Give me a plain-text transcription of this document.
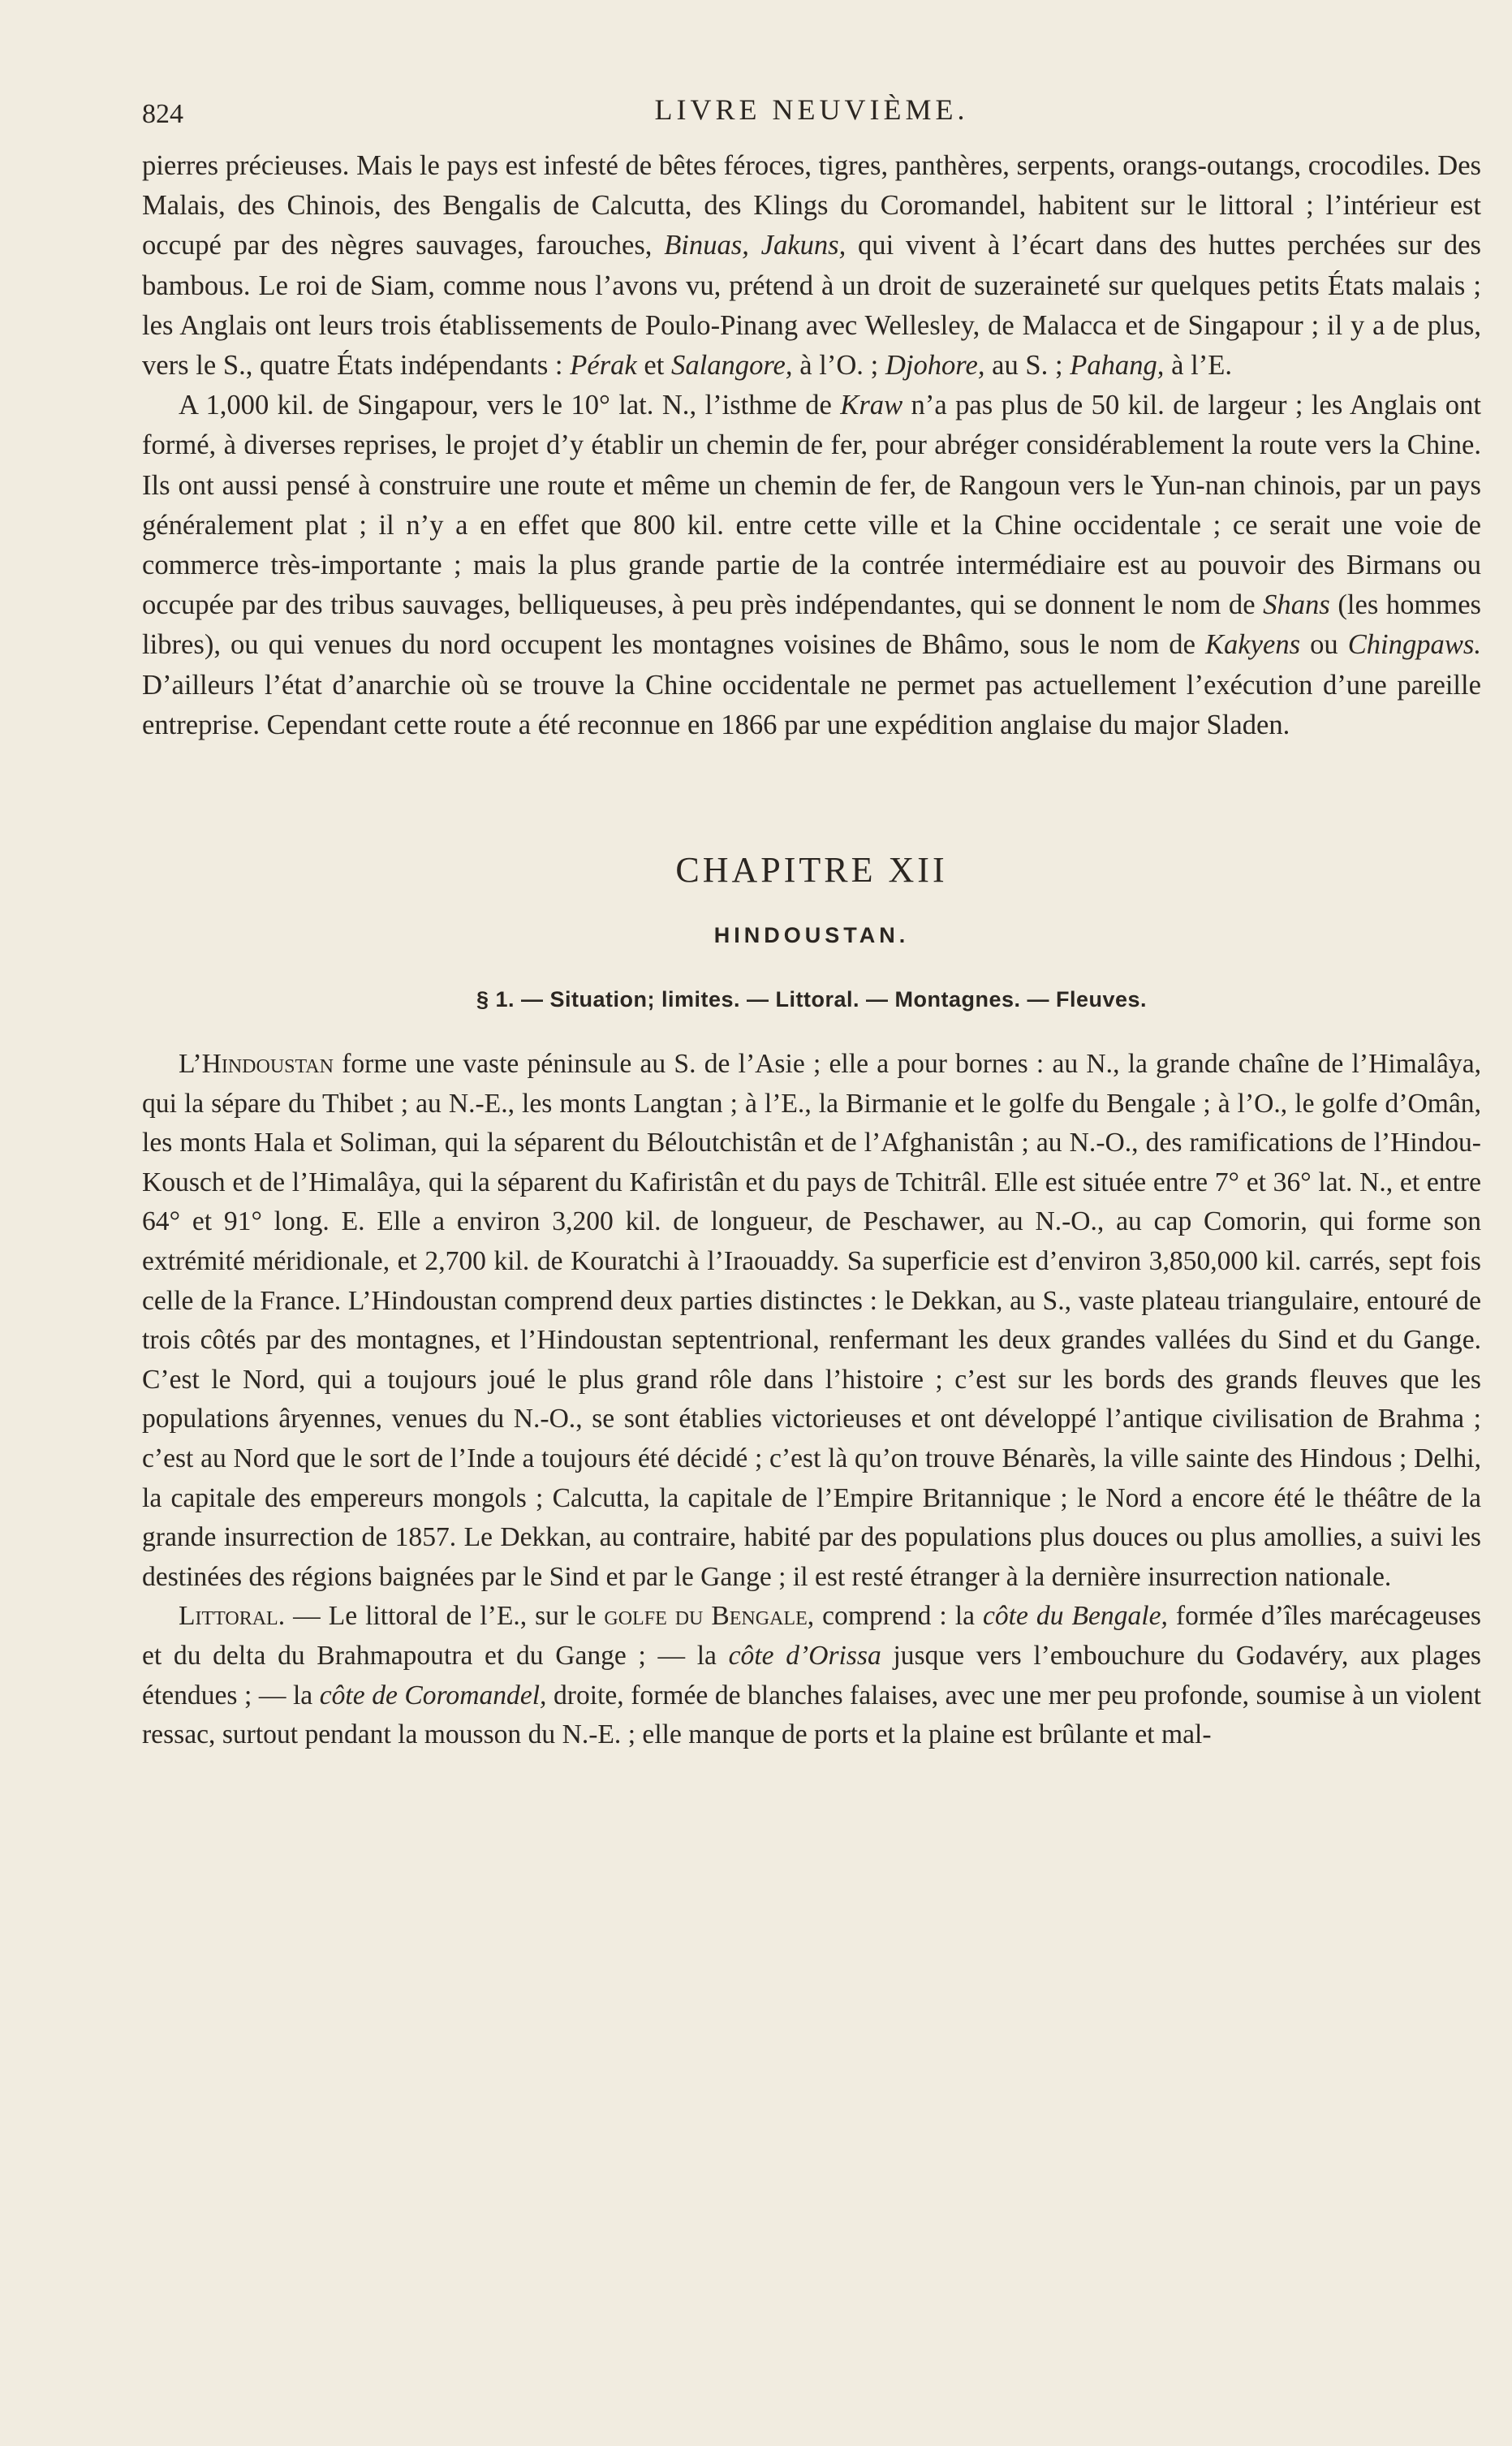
824	LIVRE NEUVIÈME.

pierres précieuses. Mais le pays est infesté de bêtes féroces, tigres, panthères, serpents, orangs-outangs, crocodiles. Des Malais, des Chinois, des Bengalis de Calcutta, des Klings du Coromandel, habitent sur le littoral ; l’intérieur est occupé par des nègres sauvages, farouches, Binuas, Jakuns, qui vivent à l’écart dans des huttes perchées sur des bambous. Le roi de Siam, comme nous l’avons vu, prétend à un droit de suzeraineté sur quelques petits États malais ; les Anglais ont leurs trois établissements de Poulo-Pinang avec Wellesley, de Malacca et de Singapour ; il y a de plus, vers le S., quatre États indépendants : Pérak et Salangore, à l’O. ; Djohore, au S. ; Pahang, à l’E.

A 1,000 kil. de Singapour, vers le 10° lat. N., l’isthme de Kraw n’a pas plus de 50 kil. de largeur ; les Anglais ont formé, à diverses reprises, le projet d’y établir un chemin de fer, pour abréger considérablement la route vers la Chine. Ils ont aussi pensé à construire une route et même un chemin de fer, de Rangoun vers le Yun-nan chinois, par un pays généralement plat ; il n’y a en effet que 800 kil. entre cette ville et la Chine occidentale ; ce serait une voie de commerce très-importante ; mais la plus grande partie de la contrée intermédiaire est au pouvoir des Birmans ou occupée par des tribus sauvages, belliqueuses, à peu près indépendantes, qui se donnent le nom de Shans (les hommes libres), ou qui venues du nord occupent les montagnes voisines de Bhâmo, sous le nom de Kakyens ou Chingpaws. D’ailleurs l’état d’anarchie où se trouve la Chine occidentale ne permet pas actuellement l’exécution d’une pareille entreprise. Cependant cette route a été reconnue en 1866 par une expédition anglaise du major Sladen.

CHAPITRE XII
HINDOUSTAN.
§ 1. — Situation; limites. — Littoral. — Montagnes. — Fleuves.

L’Hindoustan forme une vaste péninsule au S. de l’Asie ; elle a pour bornes : au N., la grande chaîne de l’Himalâya, qui la sépare du Thibet ; au N.-E., les monts Langtan ; à l’E., la Birmanie et le golfe du Bengale ; à l’O., le golfe d’Omân, les monts Hala et Soliman, qui la séparent du Béloutchistân et de l’Afghanistân ; au N.-O., des ramifications de l’Hindou-Kousch et de l’Himalâya, qui la séparent du Kafiristân et du pays de Tchitrâl. Elle est située entre 7° et 36° lat. N., et entre 64° et 91° long. E. Elle a environ 3,200 kil. de longueur, de Peschawer, au N.-O., au cap Comorin, qui forme son extrémité méridionale, et 2,700 kil. de Kouratchi à l’Iraouaddy. Sa superficie est d’environ 3,850,000 kil. carrés, sept fois celle de la France. L’Hindoustan comprend deux parties distinctes : le Dekkan, au S., vaste plateau triangulaire, entouré de trois côtés par des montagnes, et l’Hindoustan septentrional, renfermant les deux grandes vallées du Sind et du Gange. C’est le Nord, qui a toujours joué le plus grand rôle dans l’histoire ; c’est sur les bords des grands fleuves que les populations âryennes, venues du N.-O., se sont établies victorieuses et ont développé l’antique civilisation de Brahma ; c’est au Nord que le sort de l’Inde a toujours été décidé ; c’est là qu’on trouve Bénarès, la ville sainte des Hindous ; Delhi, la capitale des empereurs mongols ; Calcutta, la capitale de l’Empire Britannique ; le Nord a encore été le théâtre de la grande insurrection de 1857. Le Dekkan, au contraire, habité par des populations plus douces ou plus amollies, a suivi les destinées des régions baignées par le Sind et par le Gange ; il est resté étranger à la dernière insurrection nationale.

Littoral. — Le littoral de l’E., sur le golfe du Bengale, comprend : la côte du Bengale, formée d’îles marécageuses et du delta du Brahmapoutra et du Gange ; — la côte d’Orissa jusque vers l’embouchure du Godavéry, aux plages étendues ; — la côte de Coromandel, droite, formée de blanches falaises, avec une mer peu profonde, soumise à un violent ressac, surtout pendant la mousson du N.-E. ; elle manque de ports et la plaine est brûlante et mal-
